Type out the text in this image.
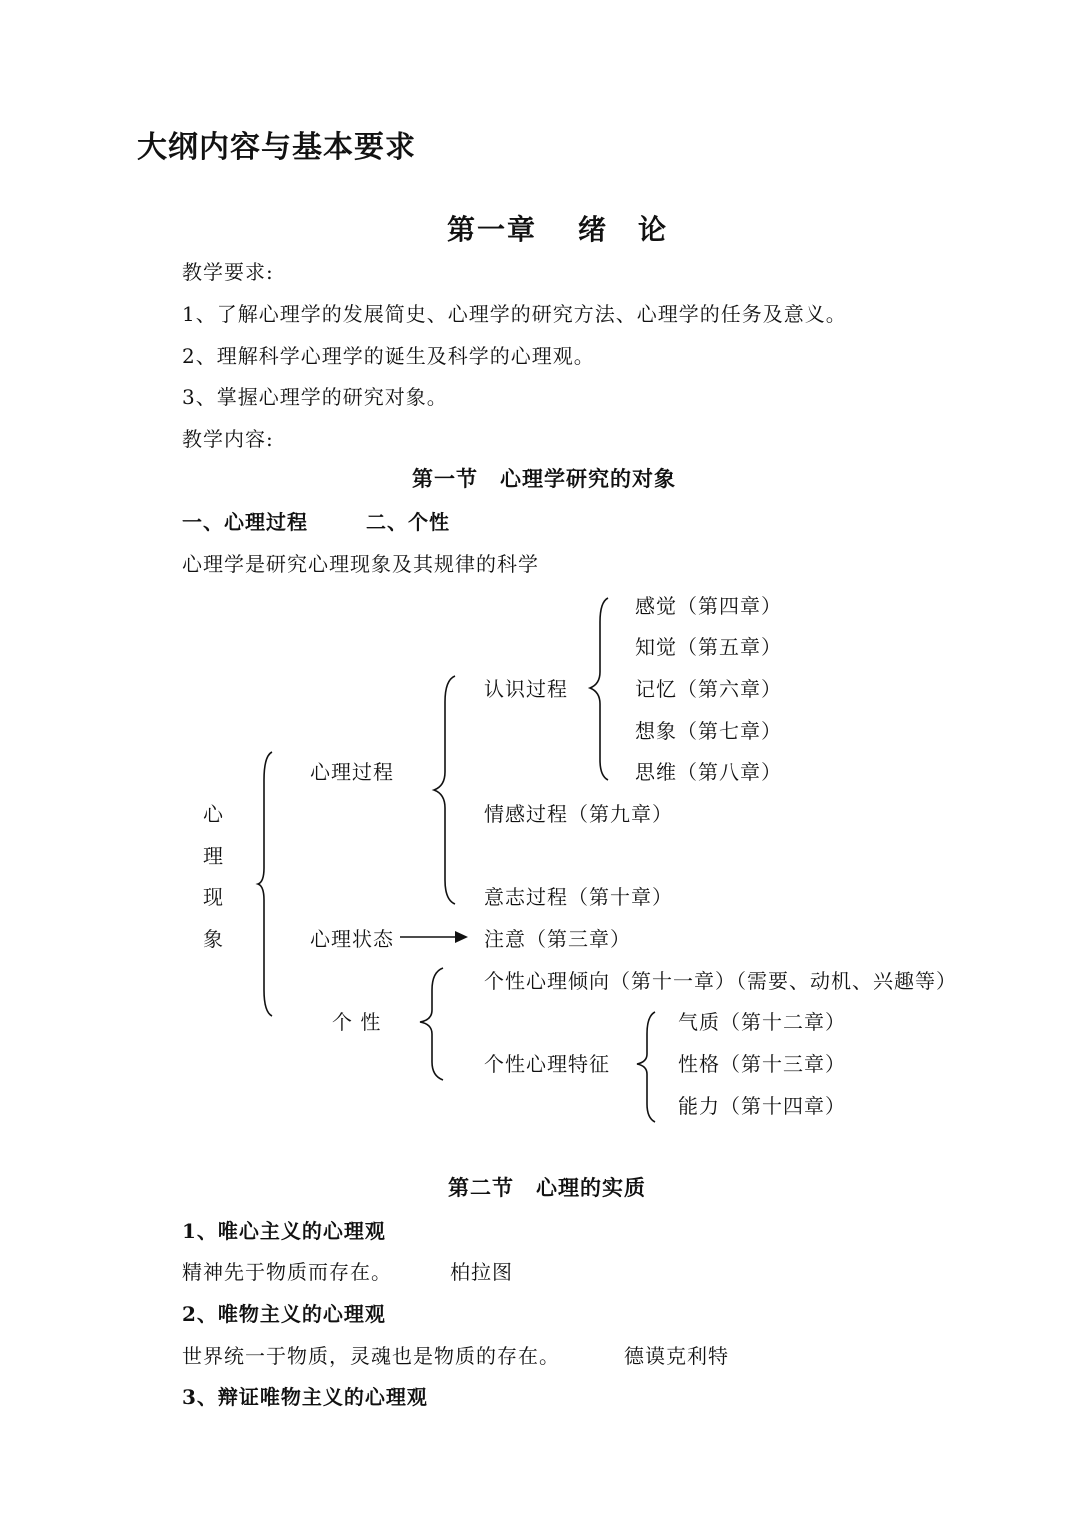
大纲内容与基本要求
第一章 绪　论
教学要求:
1、了解心理学的发展简史、心理学的研究方法、心理学的任务及意义。
2、理解科学心理学的诞生及科学的心理观。
3、掌握心理学的研究对象。
教学内容:
第一节　心理学研究的对象
一、心理过程	二、个性
心理学是研究心理现象及其规律的科学
心
理
现
象
心理过程
心理状态
个 性
认识过程
情感过程（第九章）
意志过程（第十章）
注意（第三章）
个性心理倾向（第十一章）（需要、动机、兴趣等）
个性心理特征
感觉（第四章）
知觉（第五章）
记忆（第六章）
想象（第七章）
思维（第八章）
气质（第十二章）
性格（第十三章）
能力（第十四章）
第二节　心理的实质
1、唯心主义的心理观
精神先于物质而存在。	柏拉图
2、唯物主义的心理观
世界统一于物质，灵魂也是物质的存在。	德谟克利特
3、辩证唯物主义的心理观
